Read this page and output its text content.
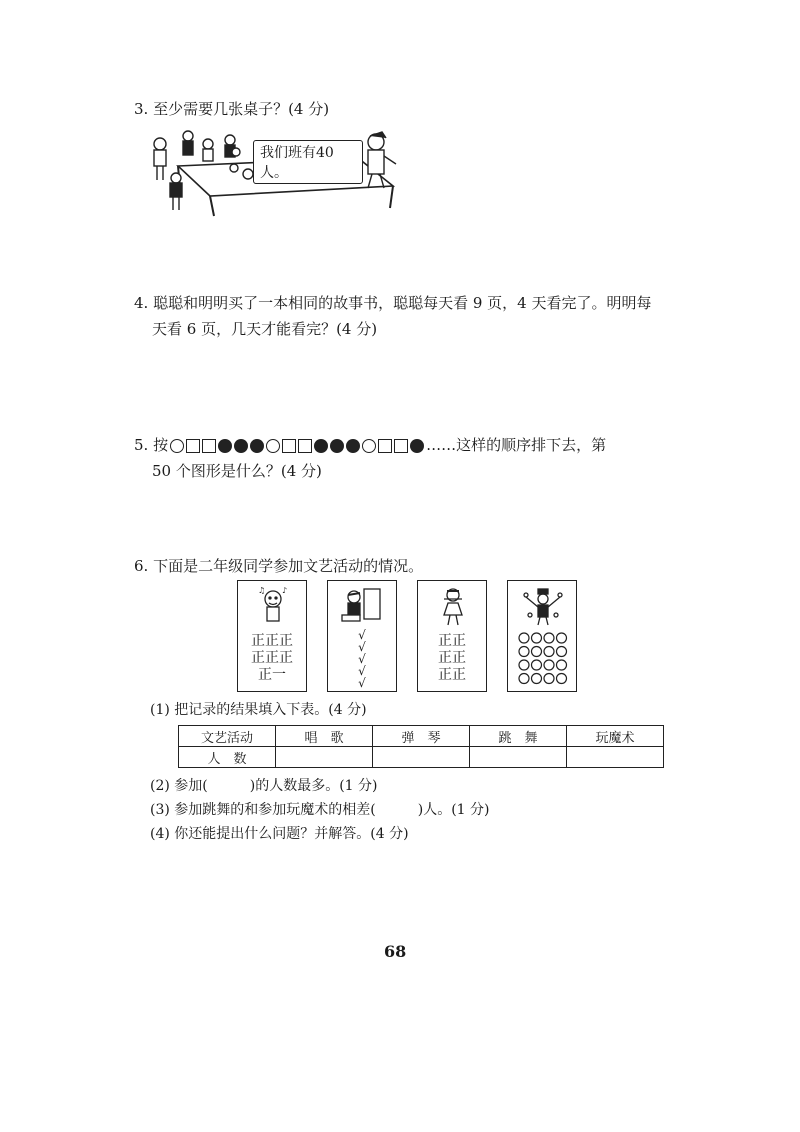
3. 至少需要几张桌子？(4 分)
我们班有40人。
4. 聪聪和明明买了一本相同的故事书，聪聪每天看 9 页，4 天看完了。明明每
天看 6 页，几天才能看完？(4 分)
5. 按	……这样的顺序排下去，第
50 个图形是什么？(4 分)
6. 下面是二年级同学参加文艺活动的情况。
♪
♫
正正正
正正正
正一
√
√
√
√
√
正正
正正
正正
(1) 把记录的结果填入下表。(4 分)
文艺活动	唱　歌	弹　琴	跳　舞	玩魔术
人　数				
(2) 参加(　　　)的人数最多。(1 分)
(3) 参加跳舞的和参加玩魔术的相差(　　　)人。(1 分)
(4) 你还能提出什么问题？并解答。(4 分)
68
